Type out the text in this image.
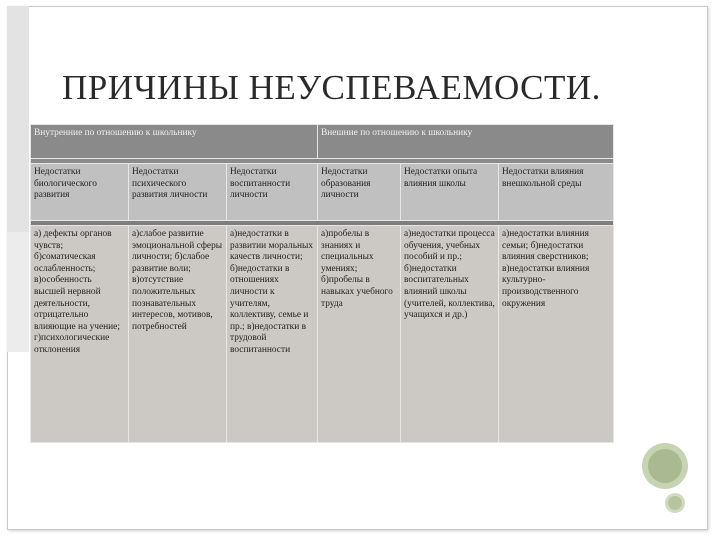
ПРИЧИНЫ НЕУСПЕВАЕМОСТИ.
Внутренние по отношению к школьнику			Внешние по отношению к школьнику		

Недостатки биологического развития	Недостатки психического развития личности	Недостатки воспитанности личности	Недостатки образования личности	Недостатки опыта влияния школы	Недостатки влияния внешкольной среды

а) дефекты органов чувств; б)соматическая ослабленность; в)особенность высшей нервной деятельности, отрицательно влияющие на учение; г)психологические отклонения	а)слабое развитие эмоциональной сферы личности; б)слабое развитие воли; в)отсутствие положительных познавательных интересов, мотивов, потребностей	а)недостатки в развитии моральных качеств личности; б)недостатки в отношениях личности к учителям, коллективу, семье и пр.; в)недостатки в трудовой воспитанности	а)пробелы в знаниях и специальных умениях; б)пробелы в навыках учебного труда	а)недостатки процесса обучения, учебных пособий и пр.; б)недостатки воспитательных влияний школы (учителей, коллектива, учащихся и др.)	а)недостатки влияния семьи; б)недостатки влияния сверстников; в)недостатки влияния культурно-производственного окружения
